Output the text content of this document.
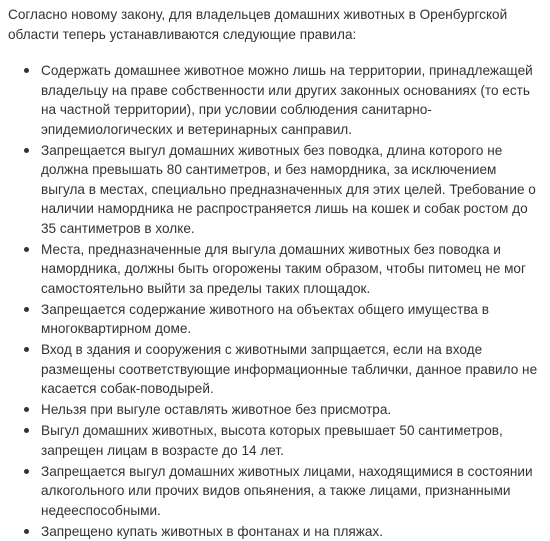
Согласно новому закону, для владельцев домашних животных в Оренбургской области теперь устанавливаются следующие правила:

Содержать домашнее животное можно лишь на территории, принадлежащей владельцу на праве собственности или других законных основаниях (то есть на частной территории), при условии соблюдения санитарно-эпидемиологических и ветеринарных санправил.
Запрещается выгул домашних животных без поводка, длина которого не должна превышать 80 сантиметров, и без намордника, за исключением выгула в местах, специально предназначенных для этих целей. Требование о наличии намордника не распространяется лишь на кошек и собак ростом до 35 сантиметров в холке.
Места, предназначенные для выгула домашних животных без поводка и намордника, должны быть огорожены таким образом, чтобы питомец не мог самостоятельно выйти за пределы таких площадок.
Запрещается содержание животного на объектах общего имущества в многоквартирном доме.
Вход в здания и сооружения с животными запрщается, если на входе размещены соответствующие информационные таблички, данное правило не касается собак-поводырей.
Нельзя при выгуле оставлять животное без присмотра.
Выгул домашних животных, высота которых превышает 50 сантиметров, запрещен лицам в возрасте до 14 лет.
Запрещается выгул домашних животных лицами, находящимися в состоянии алкогольного или прочих видов опьянения, а также лицами, признанными недееспособными.
Запрещено купать животных в фонтанах и на пляжах.
